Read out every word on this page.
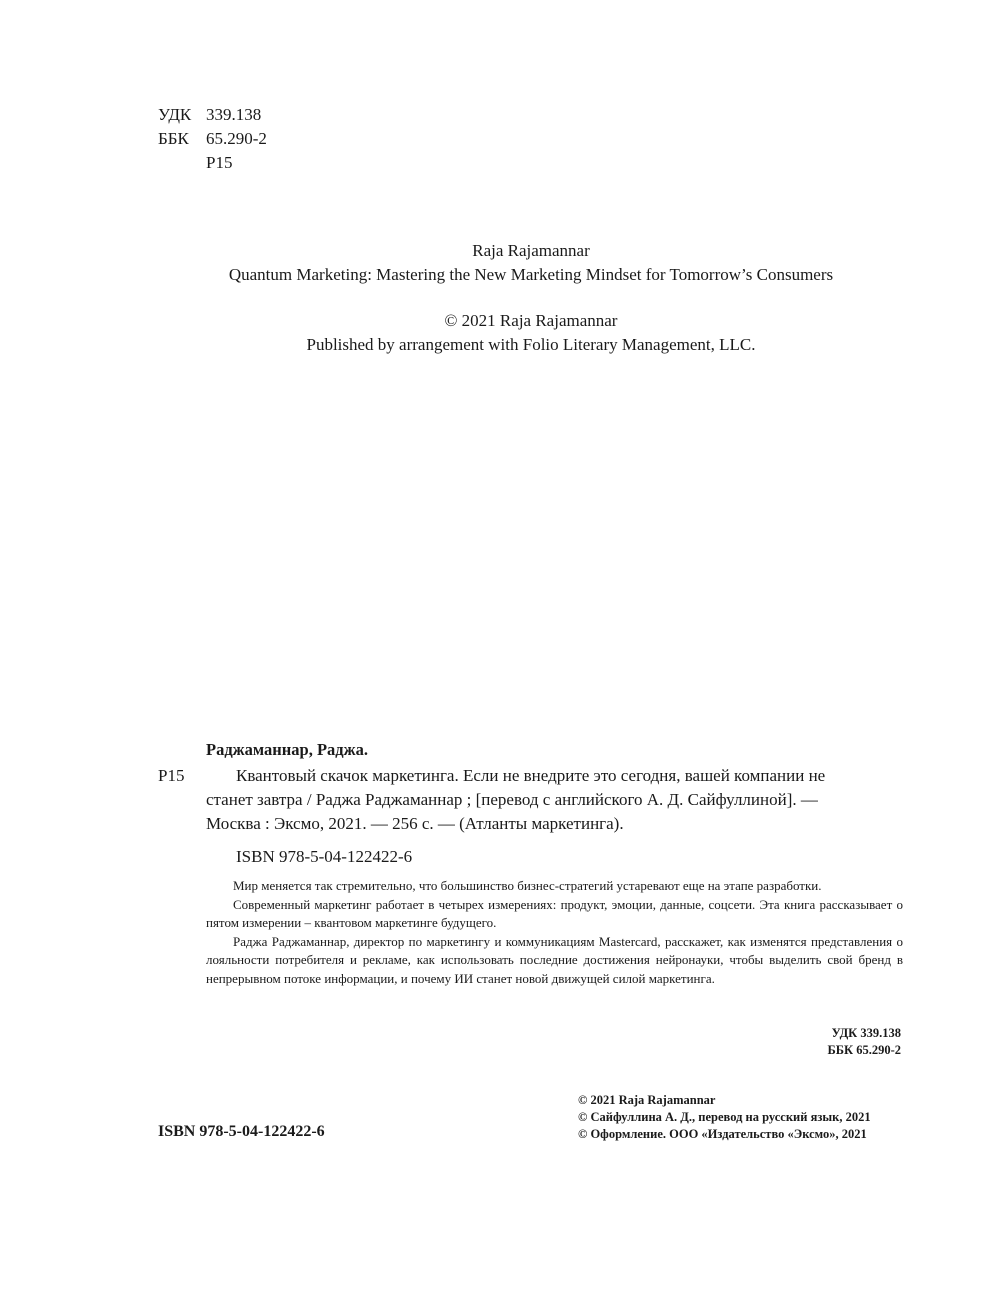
УДК 339.138
ББК	65.290-2
Р15
Raja Rajamannar
Quantum Marketing: Mastering the New Marketing Mindset for Tomorrow’s Consumers
© 2021 Raja Rajamannar
Published by arrangement with Folio Literary Management, LLC.
Раджаманнар, Раджа.
Р15	Квантовый скачок маркетинга. Если не внедрите это сегодня, вашей компании не
станет завтра / Раджа Раджаманнар ; [перевод с английского А. Д. Сайфуллиной]. —
Москва : Эксмо, 2021. — 256 с. — (Атланты маркетинга).
ISBN 978-5-04-122422-6

Мир меняется так стремительно, что большинство бизнес-стратегий устаревают еще на этапе разработки.

Современный маркетинг работает в четырех измерениях: продукт, эмоции, данные, соцсети. Эта книга рассказывает о пятом измерении – квантовом маркетинге будущего.

Раджа Раджаманнар, директор по маркетингу и коммуникациям Mastercard, расскажет, как изменятся представления о лояльности потребителя и рекламе, как использовать последние достижения нейронауки, чтобы выделить свой бренд в непрерывном потоке информации, и почему ИИ станет новой движущей силой маркетинга.

УДК 339.138
ББК 65.290-2
© 2021 Raja Rajamannar
© Сайфуллина А. Д., перевод на русский язык, 2021
© Оформление. ООО «Издательство «Эксмо», 2021
ISBN 978-5-04-122422-6
